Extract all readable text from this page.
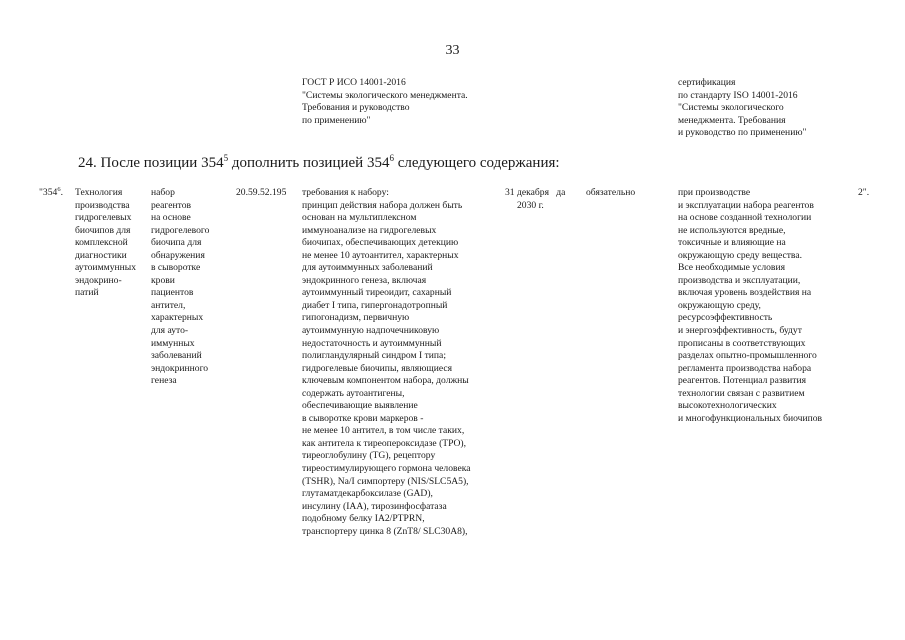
33
ГОСТ Р ИСО 14001-2016
"Системы экологического менеджмента.
Требования и руководство
по применению"
сертификация
по стандарту ISO 14001-2016
"Системы экологического
менеджмента. Требования
и руководство по применению"
24. После позиции $354^5$ дополнить позицией $354^6$ следующего содержания:
"$354^6$. Технология
производства
гидрогелевых
биочипов для
комплексной
диагностики
аутоиммунных
эндокрино-
патий
набор
реагентов
на основе
гидрогелевого
биочипа для
обнаружения
в сыворотке
крови
пациентов
антител,
характерных
для ауто-
иммунных
заболеваний
эндокринного
генеза
20.59.52.195 требования к набору:
принцип действия набора должен быть
основан на мультиплексном
иммуноанализе на гидрогелевых
биочипах, обеспечивающих детекцию
не менее 10 аутоантител, характерных
для аутоиммунных заболеваний
эндокринного генеза, включая
аутоиммунный тиреоидит, сахарный
диабет I типа, гипергонадотропный
гипогонадизм, первичную
аутоиммунную надпочечниковую
недостаточность и аутоиммунный
полигландулярный синдром I типа;
гидрогелевые биочипы, являющиеся
ключевым компонентом набора, должны
содержать аутоантигены,
обеспечивающие выявление
в сыворотке крови маркеров -
не менее 10 антител, в том числе таких,
как антитела к тиреопероксидазе (TPO),
тиреоглобулину (TG), рецептору
тиреостимулирующего гормона человека
(TSHR), Na/I симпортеру (NIS/SLC5A5),
глутаматдекарбоксилазе (GAD),
инсулину (IAA), тирозинфосфатаза
подобному белку IA2/PTPRN,
транспортеру цинка 8 (ZnT8/ SLC30A8),
31 декабря   да
2030 г.
обязательно	при производстве
и эксплуатации набора реагентов
на основе созданной технологии
не используются вредные,
токсичные и влияющие на
окружающую среду вещества.
Все необходимые условия
производства и эксплуатации,
включая уровень воздействия на
окружающую среду,
ресурсоэффективность
и энергоэффективность, будут
прописаны в соответствующих
разделах опытно-промышленного
регламента производства набора
реагентов. Потенциал развития
технологии связан с развитием
высокотехнологических
и многофункциональных биочипов
2".
